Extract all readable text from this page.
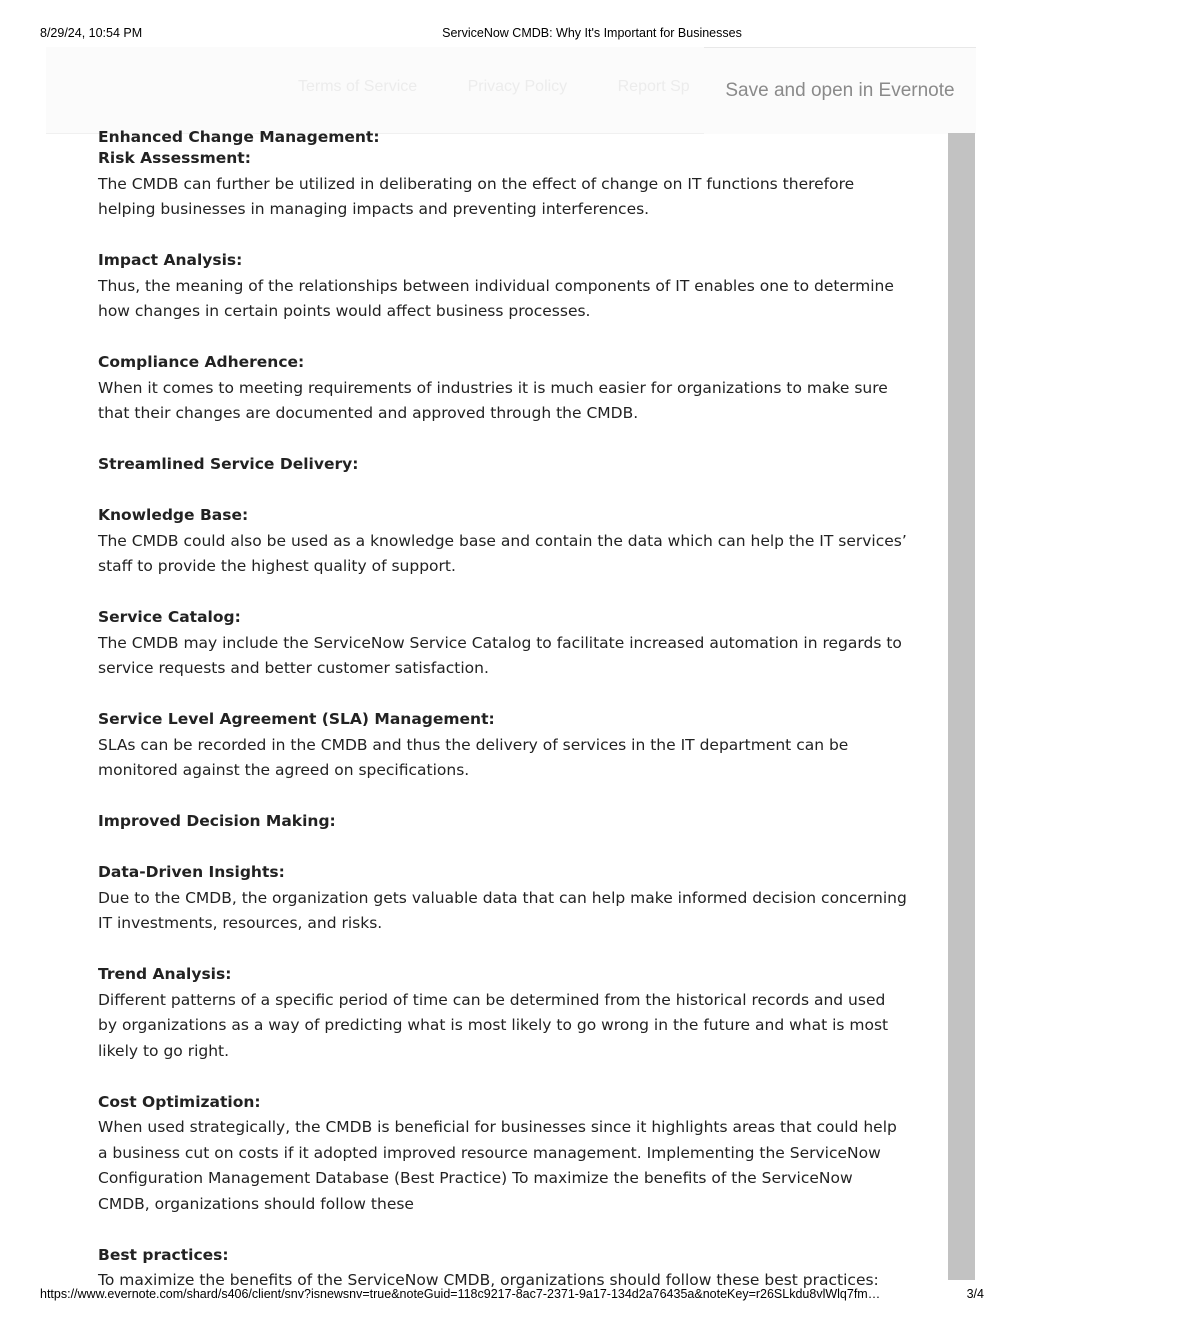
8/29/24, 10:54 PM	ServiceNow CMDB: Why It's Important for Businesses
Terms of Service	Privacy Policy	Report Sp	Save and open in Evernote
Enhanced Change Management:
Risk Assessment:

The CMDB can further be utilized in deliberating on the effect of change on IT functions therefore helping businesses in managing impacts and preventing interferences.

Impact Analysis:

Thus, the meaning of the relationships between individual components of IT enables one to determine how changes in certain points would affect business processes.

Compliance Adherence:

When it comes to meeting requirements of industries it is much easier for organizations to make sure that their changes are documented and approved through the CMDB.

Streamlined Service Delivery:
Knowledge Base:

The CMDB could also be used as a knowledge base and contain the data which can help the IT services’ staff to provide the highest quality of support.

Service Catalog:

The CMDB may include the ServiceNow Service Catalog to facilitate increased automation in regards to service requests and better customer satisfaction.

Service Level Agreement (SLA) Management:

SLAs can be recorded in the CMDB and thus the delivery of services in the IT department can be monitored against the agreed on specifications.

Improved Decision Making:
Data-Driven Insights:

Due to the CMDB, the organization gets valuable data that can help make informed decision concerning IT investments, resources, and risks.

Trend Analysis:

Different patterns of a specific period of time can be determined from the historical records and used by organizations as a way of predicting what is most likely to go wrong in the future and what is most likely to go right.

Cost Optimization:

When used strategically, the CMDB is beneficial for businesses since it highlights areas that could help a business cut on costs if it adopted improved resource management. Implementing the ServiceNow Configuration Management Database (Best Practice) To maximize the benefits of the ServiceNow CMDB, organizations should follow these

Best practices:
To maximize the benefits of the ServiceNow CMDB, organizations should follow these best practices:
https://www.evernote.com/shard/s406/client/snv?isnewsnv=true&noteGuid=118c9217-8ac7-2371-9a17-134d2a76435a&noteKey=r26SLkdu8vlWlq7fm…	3/4
